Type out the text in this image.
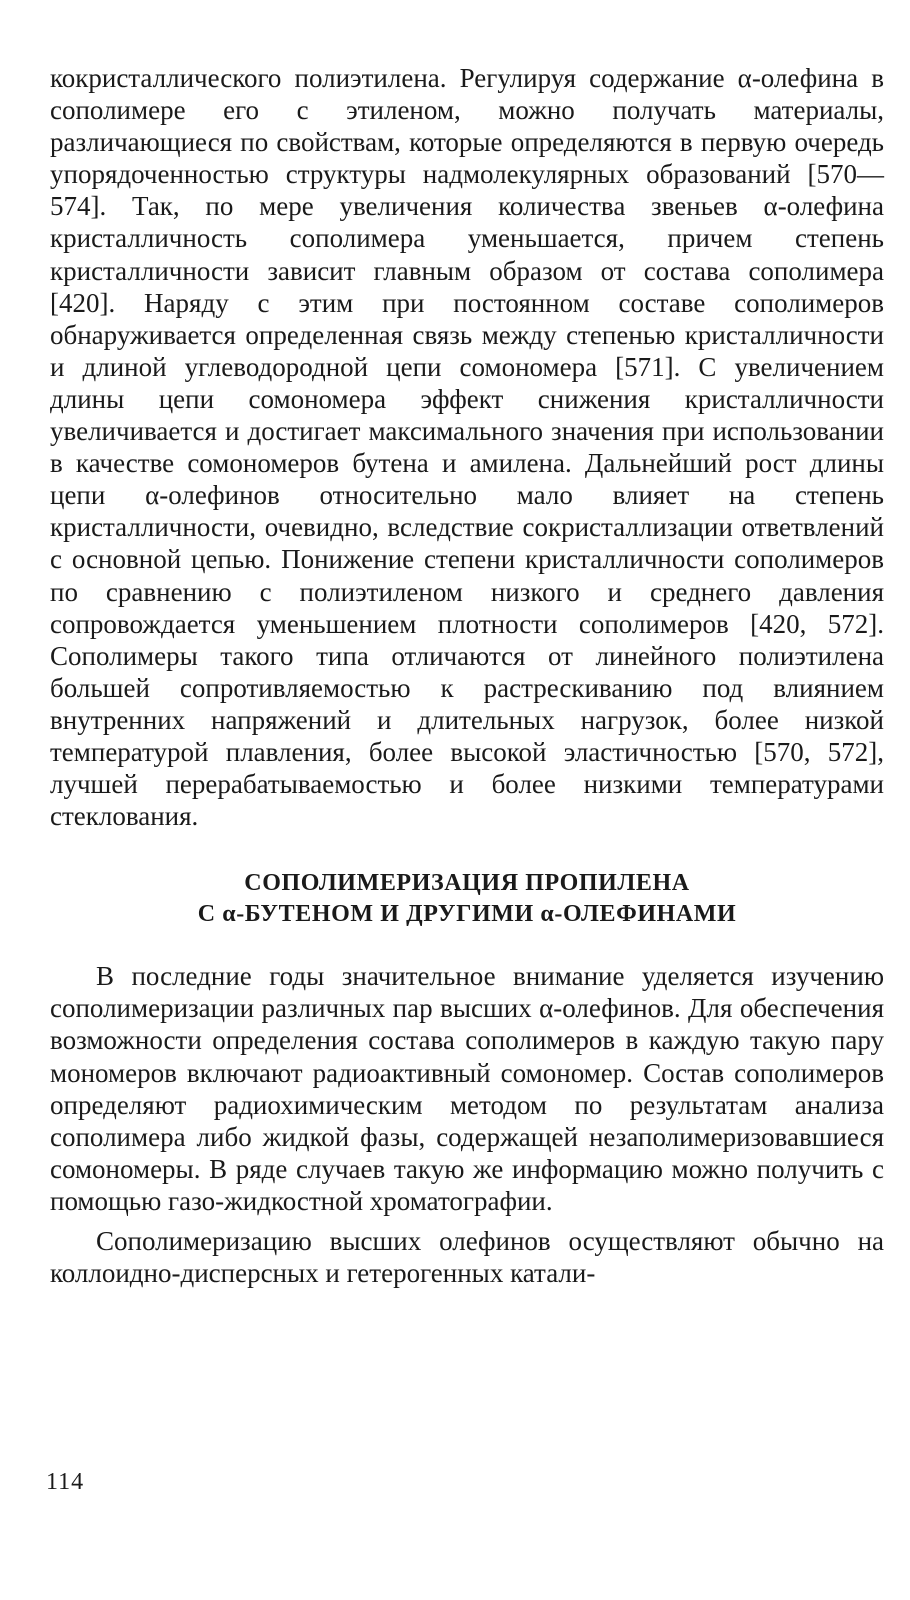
кокристаллического полиэтилена. Регулируя содержание α-олефина в сополимере его с этиленом, можно получать материалы, различающиеся по свойствам, которые определяются в первую очередь упорядоченностью структуры надмолекулярных образований [570—574]. Так, по мере увеличения количества звеньев α-олефина кристалличность сополимера уменьшается, причем степень кристалличности зависит главным образом от состава сополимера [420]. Наряду с этим при постоянном составе сополимеров обнаруживается определенная связь между степенью кристалличности и длиной углеводородной цепи сомономера [571]. С увеличением длины цепи сомономера эффект снижения кристалличности увеличивается и достигает максимального значения при использовании в качестве сомономеров бутена и амилена. Дальнейший рост длины цепи α-олефинов относительно мало влияет на степень кристалличности, очевидно, вследствие сокристаллизации ответвлений с основной цепью. Понижение степени кристалличности сополимеров по сравнению с полиэтиленом низкого и среднего давления сопровождается уменьшением плотности сополимеров [420, 572]. Сополимеры такого типа отличаются от линейного полиэтилена большей сопротивляемостью к растрескиванию под влиянием внутренних напряжений и длительных нагрузок, более низкой температурой плавления, более высокой эластичностью [570, 572], лучшей перерабатываемостью и более низкими температурами стеклования.

СОПОЛИМЕРИЗАЦИЯ ПРОПИЛЕНА
С α-БУТЕНОМ И ДРУГИМИ α-ОЛЕФИНАМИ

В последние годы значительное внимание уделяется изучению сополимеризации различных пар высших α-олефинов. Для обеспечения возможности определения состава сополимеров в каждую такую пару мономеров включают радиоактивный сомономер. Состав сополимеров определяют радиохимическим методом по результатам анализа сополимера либо жидкой фазы, содержащей незаполимеризовавшиеся сомономеры. В ряде случаев такую же информацию можно получить с помощью газо-жидкостной хроматографии.

Сополимеризацию высших олефинов осуществляют обычно на коллоидно-дисперсных и гетерогенных катали-

114
